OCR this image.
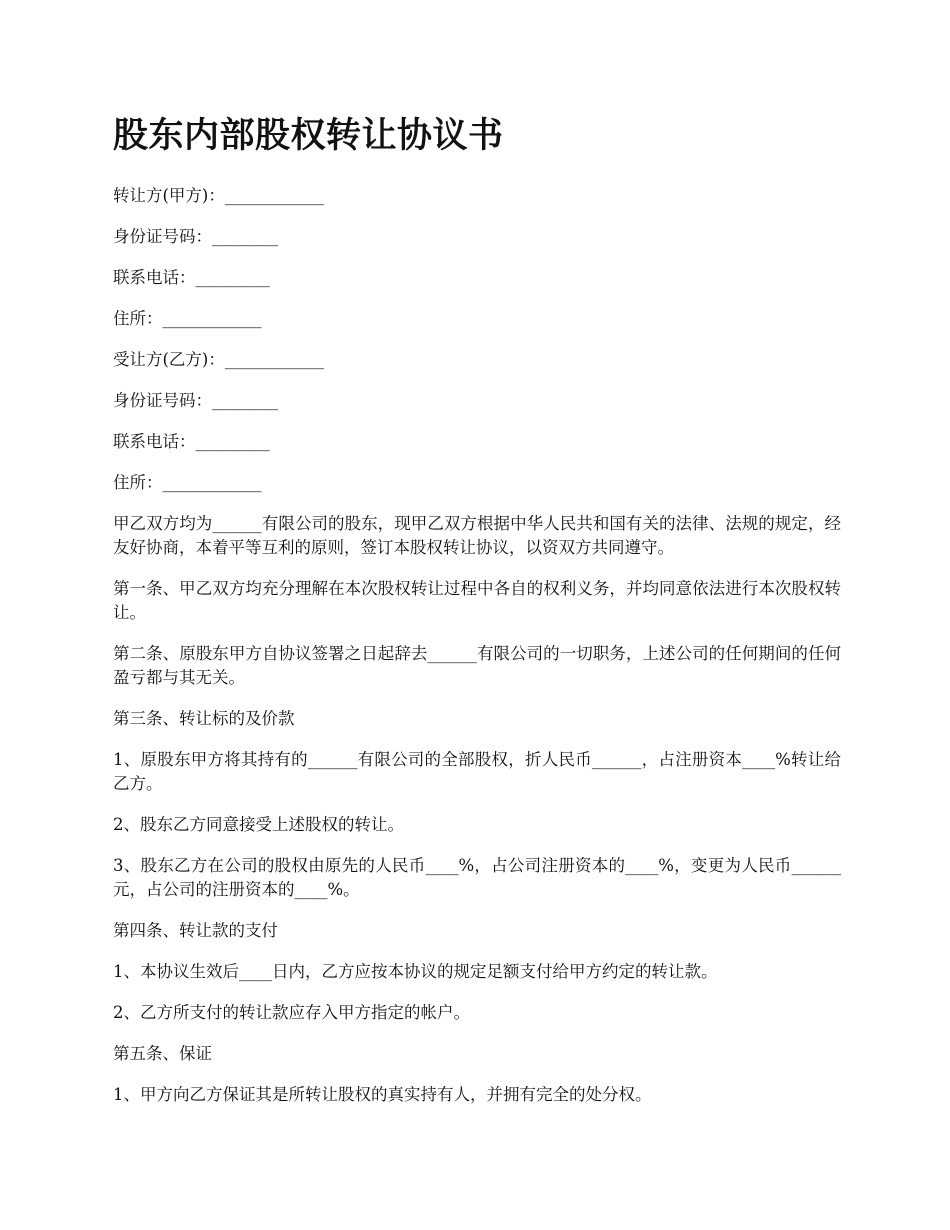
股东内部股权转让协议书

转让方(甲方)：____________

身份证号码：________

联系电话：_________

住所：____________

受让方(乙方)：____________

身份证号码：________

联系电话：_________

住所：____________

甲乙双方均为______有限公司的股东，现甲乙双方根据中华人民共和国有关的法律、法规的规定，经友好协商，本着平等互利的原则，签订本股权转让协议，以资双方共同遵守。

第一条、甲乙双方均充分理解在本次股权转让过程中各自的权利义务，并均同意依法进行本次股权转让。

第二条、原股东甲方自协议签署之日起辞去______有限公司的一切职务，上述公司的任何期间的任何盈亏都与其无关。

第三条、转让标的及价款

1、原股东甲方将其持有的______有限公司的全部股权，折人民币______，占注册资本____%转让给乙方。

2、股东乙方同意接受上述股权的转让。

3、股东乙方在公司的股权由原先的人民币____%，占公司注册资本的____%，变更为人民币______元，占公司的注册资本的____%。

第四条、转让款的支付

1、本协议生效后____日内，乙方应按本协议的规定足额支付给甲方约定的转让款。

2、乙方所支付的转让款应存入甲方指定的帐户。

第五条、保证

1、甲方向乙方保证其是所转让股权的真实持有人，并拥有完全的处分权。
